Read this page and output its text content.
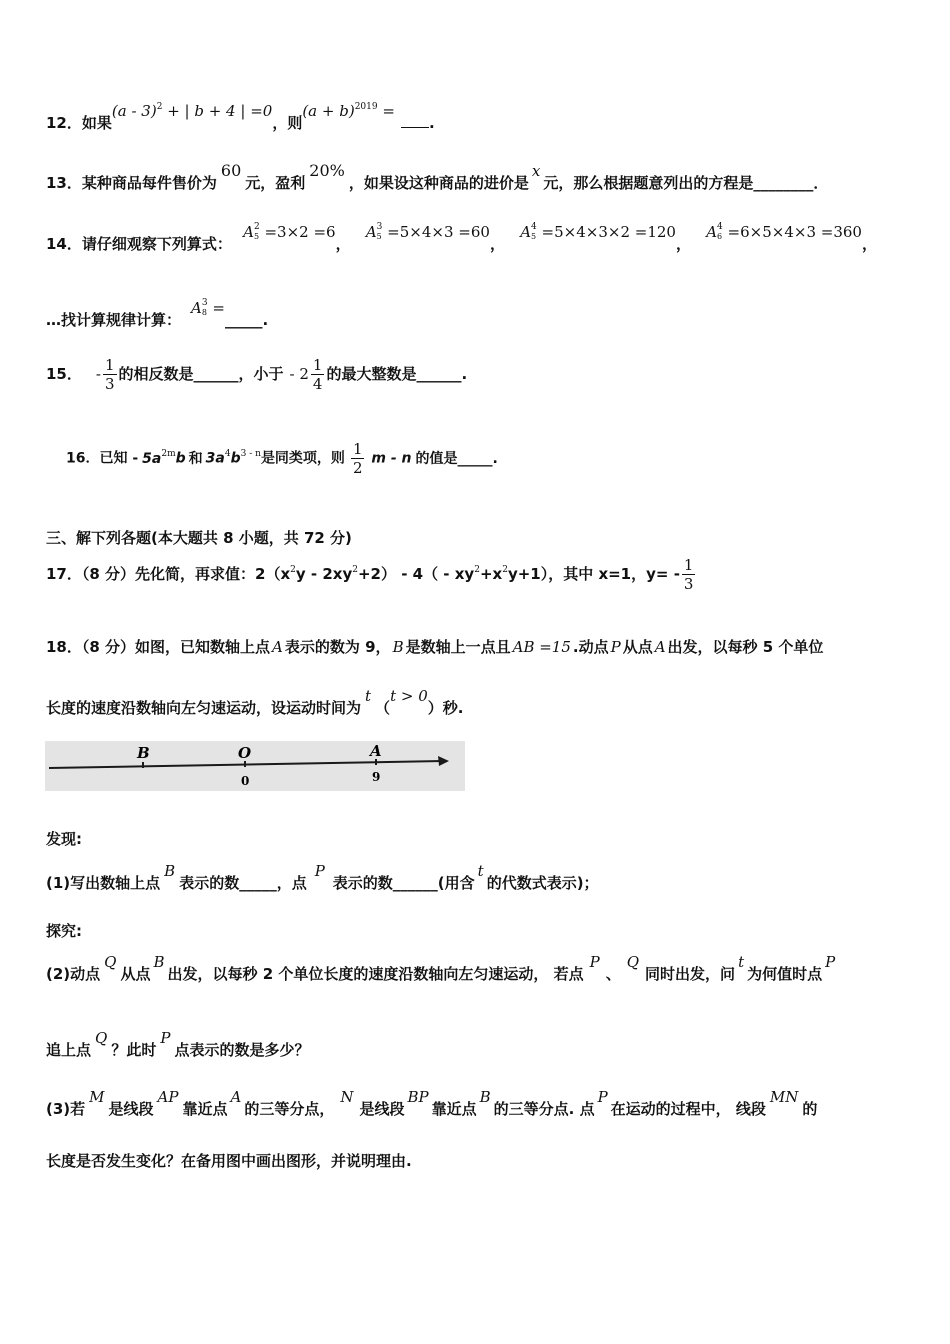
12．如果(a - 3)$^2$ + | b + 4 | =0，则$(a + b)^{2019}$ =.
13．某种商品每件售价为60元，盈利20%，如果设这种商品的进价是x元，那么根据题意列出的方程是________．
14．请仔细观察下列算式： A 2
5 =3×2 =6， A 3
5 =5×4×3 =60， A 4
5 =5×4×3×2 =120， A 4
6 =6×5×4×3 =360，
…找计算规律计算：A 3
8 =_____.
15． - $\frac{1}{3}$ 的相反数是______，小于 - $2 \frac{1}{4}$ 的最大整数是______.
16．已知 - $5a^{2m}b$ 和 $3a^4b^{3 - n}$是同类项，则 $\frac{1}{2}$ m - n 的值是_____.
三、解下列各题(本大题共 8 小题，共 72 分)
17．（8 分）先化简，再求值：$2(x^2y - 2xy^2+2) - 4( - xy^2+x^2y+1)$，其中 x=1，$y= - \frac{1}{3}$
18．（8 分）如图，已知数轴上点 A 表示的数为 9， B 是数轴上一点且 AB =15 .动点 P 从点 A 出发，以每秒 5 个单位
长度的速度沿数轴向左匀速运动，设运动时间为t（t > 0）秒.
B	O	A
0	9
发现:
(1)写出数轴上点B表示的数_____，点P表示的数______(用含t的代数式表示)；
探究:
(2)动点Q从点B出发，以每秒 2 个单位长度的速度沿数轴向左匀速运动， 若点P、Q同时出发，问t为何值时点P
追上点Q？此时P点表示的数是多少？
(3)若M是线段AP靠近点A的三等分点，N是线段BP靠近点B的三等分点. 点P在运动的过程中， 线段MN的
长度是否发生变化？在备用图中画出图形，并说明理由.
